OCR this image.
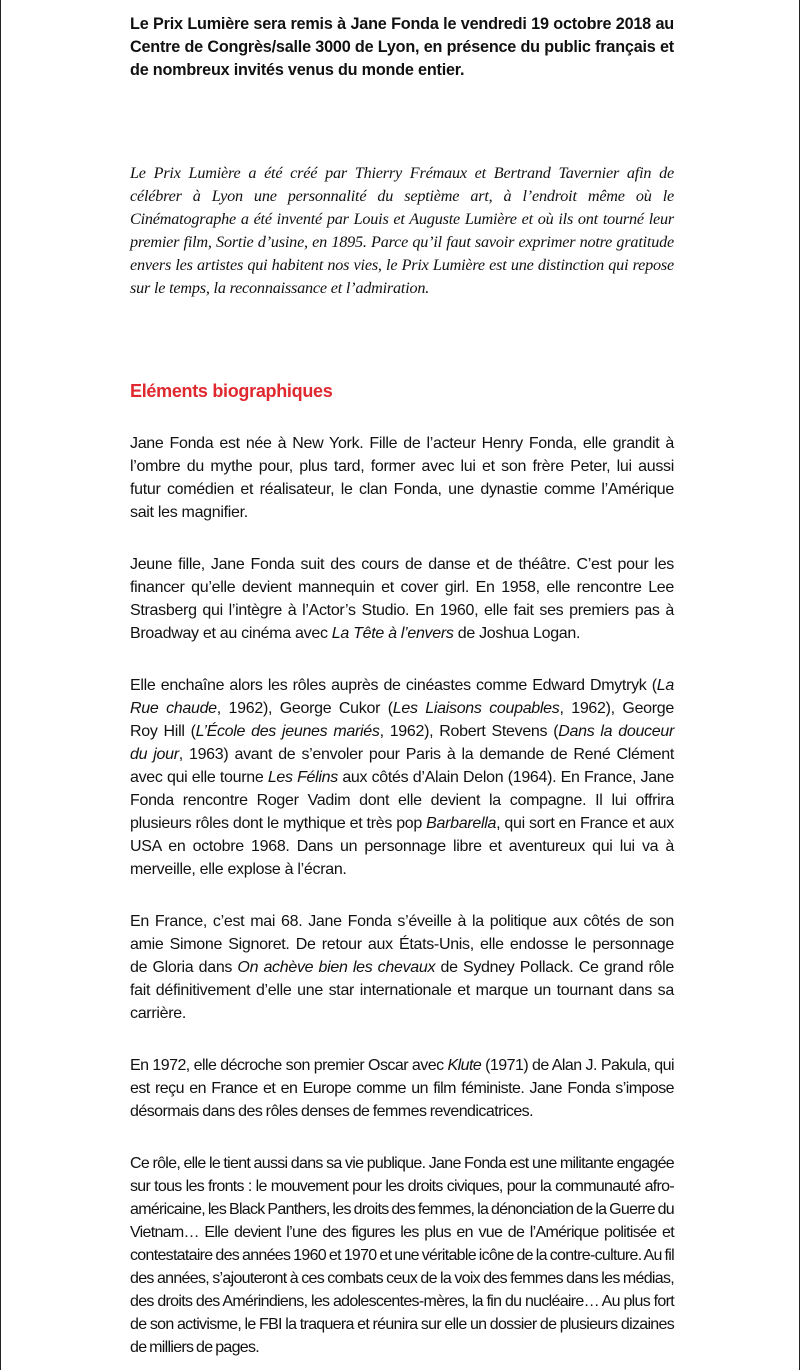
Le Prix Lumière sera remis à Jane Fonda le vendredi 19 octobre 2018 au Centre de Congrès/salle 3000 de Lyon, en présence du public français et de nombreux invités venus du monde entier.

Le Prix Lumière a été créé par Thierry Frémaux et Bertrand Tavernier afin de célébrer à Lyon une personnalité du septième art, à l’endroit même où le Cinématographe a été inventé par Louis et Auguste Lumière et où ils ont tourné leur premier film, Sortie d’usine, en 1895. Parce qu’il faut savoir exprimer notre gratitude envers les artistes qui habitent nos vies, le Prix Lumière est une distinction qui repose sur le temps, la reconnaissance et l’admiration.

Eléments biographiques

Jane Fonda est née à New York. Fille de l’acteur Henry Fonda, elle grandit à l’ombre du mythe pour, plus tard, former avec lui et son frère Peter, lui aussi futur comédien et réalisateur, le clan Fonda, une dynastie comme l’Amérique sait les magnifier.

Jeune fille, Jane Fonda suit des cours de danse et de théâtre. C’est pour les financer qu’elle devient mannequin et cover girl. En 1958, elle rencontre Lee Strasberg qui l’intègre à l’Actor’s Studio. En 1960, elle fait ses premiers pas à Broadway et au cinéma avec La Tête à l’envers de Joshua Logan.

Elle enchaîne alors les rôles auprès de cinéastes comme Edward Dmytryk (La Rue chaude, 1962), George Cukor (Les Liaisons coupables, 1962), George Roy Hill (L’École des jeunes mariés, 1962), Robert Stevens (Dans la douceur du jour, 1963) avant de s’envoler pour Paris à la demande de René Clément avec qui elle tourne Les Félins aux côtés d’Alain Delon (1964). En France, Jane Fonda rencontre Roger Vadim dont elle devient la compagne. Il lui offrira plusieurs rôles dont le mythique et très pop Barbarella, qui sort en France et aux USA en octobre 1968. Dans un personnage libre et aventureux qui lui va à merveille, elle explose à l’écran.

En France, c’est mai 68. Jane Fonda s’éveille à la politique aux côtés de son amie Simone Signoret. De retour aux États-Unis, elle endosse le personnage de Gloria dans On achève bien les chevaux de Sydney Pollack. Ce grand rôle fait définitivement d’elle une star internationale et marque un tournant dans sa carrière.

En 1972, elle décroche son premier Oscar avec Klute (1971) de Alan J. Pakula, qui est reçu en France et en Europe comme un film féministe. Jane Fonda s’impose désormais dans des rôles denses de femmes revendicatrices.

Ce rôle, elle le tient aussi dans sa vie publique. Jane Fonda est une militante engagée sur tous les fronts : le mouvement pour les droits civiques, pour la communauté afro-américaine, les Black Panthers, les droits des femmes, la dénonciation de la Guerre du Vietnam… Elle devient l’une des figures les plus en vue de l’Amérique politisée et contestataire des années 1960 et 1970 et une véritable icône de la contre-culture. Au fil des années, s’ajouteront à ces combats ceux de la voix des femmes dans les médias, des droits des Amérindiens, les adolescentes-mères, la fin du nucléaire… Au plus fort de son activisme, le FBI la traquera et réunira sur elle un dossier de plusieurs dizaines de milliers de pages.
